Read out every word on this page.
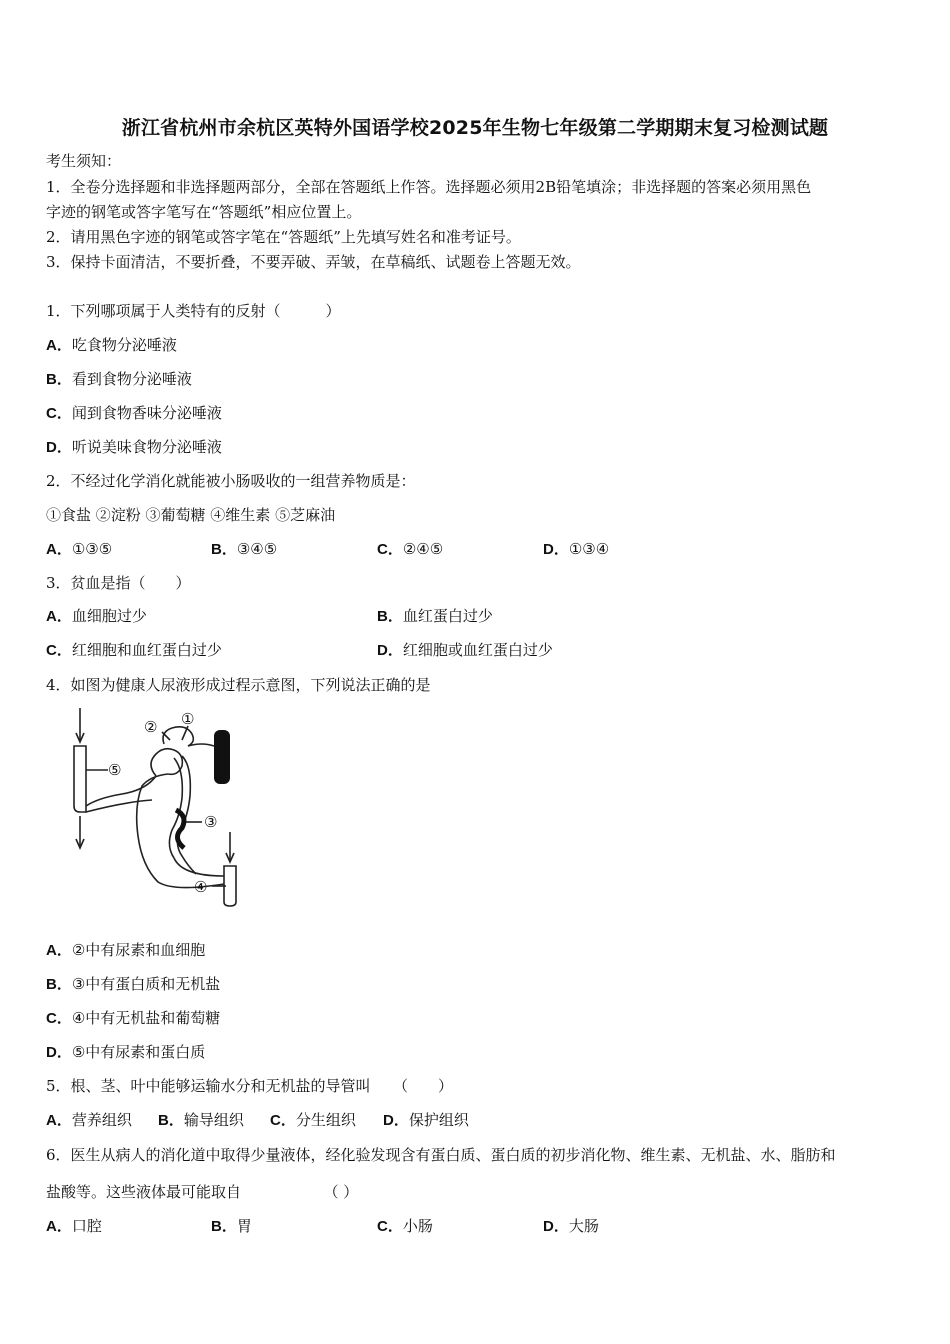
浙江省杭州市余杭区英特外国语学校2025年生物七年级第二学期期末复习检测试题
考生须知：
1．全卷分选择题和非选择题两部分，全部在答题纸上作答。选择题必须用2B铅笔填涂；非选择题的答案必须用黑色
字迹的钢笔或答字笔写在“答题纸”相应位置上。
2．请用黑色字迹的钢笔或答字笔在“答题纸”上先填写姓名和准考证号。
3．保持卡面清洁，不要折叠，不要弄破、弄皱，在草稿纸、试题卷上答题无效。
1．下列哪项属于人类特有的反射（　　　）
A．吃食物分泌唾液
B．看到食物分泌唾液
C．闻到食物香味分泌唾液
D．听说美味食物分泌唾液
2．不经过化学消化就能被小肠吸收的一组营养物质是：
①食盐 ②淀粉 ③葡萄糖 ④维生素 ⑤芝麻油
A．①③⑤	B．③④⑤	C．②④⑤	D．①③④
3．贫血是指（　　）
A．血细胞过少	B．血红蛋白过少
C．红细胞和血红蛋白过少	D．红细胞或血红蛋白过少
4．如图为健康人尿液形成过程示意图，下列说法正确的是
② ①
⑤
③
④
A．②中有尿素和血细胞
B．③中有蛋白质和无机盐
C．④中有无机盐和葡萄糖
D．⑤中有尿素和蛋白质
5．根、茎、叶中能够运输水分和无机盐的导管叫　　（　　）
A．营养组织 B．输导组织 C．分生组织 D．保护组织
6．医生从病人的消化道中取得少量液体，经化验发现含有蛋白质、蛋白质的初步消化物、维生素、无机盐、水、脂肪和
盐酸等。这些液体最可能取自　　　　　　（ ）
A．口腔	B．胃	C．小肠	D．大肠
